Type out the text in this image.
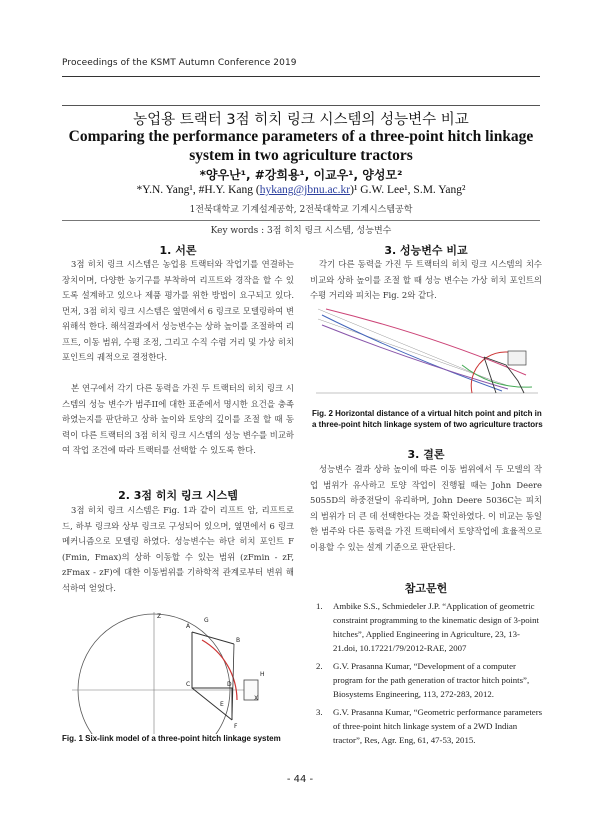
Proceedings of the KSMT Autumn Conference 2019
농업용 트랙터 3점 히치 링크 시스템의 성능변수 비교
Comparing the performance parameters of a three-point hitch linkage system in two agriculture tractors
*양우난¹, #강희용¹, 이교우¹, 양성모²
*Y.N. Yang¹, #H.Y. Kang (hykang@jbnu.ac.kr)¹ G.W. Lee¹, S.M. Yang²
1전북대학교 기계설계공학, 2전북대학교 기계시스템공학
Key words : 3점 히치 링크 시스템, 성능변수
1. 서론
3점 히치 링크 시스템은 농업용 트랙터와 작업기를 연결하는 장치이며, 다양한 농기구를 부착하여 리프트와 경작을 할 수 있도록 설계하고 있으나 제품 평가를 위한 방법이 요구되고 있다. 먼저, 3점 히치 링크 시스템은 옆면에서 6 링크로 모델링하여 변위해석 한다. 해석결과에서 성능변수는 상하 높이를 조절하여 리프트, 이동 범위, 수평 조정, 그리고 수직 수렴 거리 및 가상 히치 포인트의 궤적으로 결정한다.
본 연구에서 각기 다른 동력을 가진 두 트랙터의 히치 링크 시스템의 성능 변수가 범주II에 대한 표준에서 명시한 요건을 충족하였는지를 판단하고 상하 높이와 토양의 깊이를 조절 할 때 동력이 다른 트랙터의 3점 히치 링크 시스템의 성능 변수를 비교하여 작업 조건에 따라 트랙터를 선택할 수 있도록 한다.
2. 3점 히치 링크 시스템
3점 히치 링크 시스템은 Fig. 1과 같이 리프트 암, 리프트로드, 하부 링크와 상부 링크로 구성되어 있으며, 옆면에서 6 링크 메커니즘으로 모델링 하였다. 성능변수는 하단 히치 포인트 F (Fmin, Fmax)의 상하 이동할 수 있는 범위 (zFmin - zF, zFmax - zF)에 대한 이동범위를 기하학적 관계로부터 변위 해석하여 얻었다.
A
B
C	D
E
F
G
H
X
Z
Fig. 1 Six-link model of a three-point hitch linkage system
3. 성능변수 비교
각기 다른 동력을 가진 두 트랙터의 히치 링크 시스템의 치수비교와 상하 높이를 조절 할 때 성능 변수는 가상 히치 포인트의 수평 거리와 피치는 Fig. 2와 같다.
Fig. 2 Horizontal distance of a virtual hitch point and pitch in a three-point hitch linkage system of two agriculture tractors
3. 결론
성능변수 결과 상하 높이에 따른 이동 범위에서 두 모델의 작업 범위가 유사하고 토양 작업이 진행될 때는 John Deere 5055D의 하중전달이 유리하며, John Deere 5036C는 피치의 범위가 더 큰 데 선택한다는 것을 확인하였다. 이 비교는 동일한 범주와 다른 동력을 가진 트랙터에서 토양작업에 효율적으로 이용할 수 있는 설계 기준으로 판단된다.
참고문헌
1. Ambike S.S., Schmiedeler J.P. “Application of geometric constraint programming to the kinematic design of 3-point hitches”, Applied Engineering in Agriculture, 23, 13-21.doi, 10.17221/79/2012-RAE, 2007
2. G.V. Prasanna Kumar, “Development of a computer program for the path generation of tractor hitch points”, Biosystems Engineering, 113, 272-283, 2012.
3. G.V. Prasanna Kumar, “Geometric performance parameters of three-point hitch linkage system of a 2WD Indian tractor”, Res, Agr. Eng, 61, 47-53, 2015.
- 44 -
